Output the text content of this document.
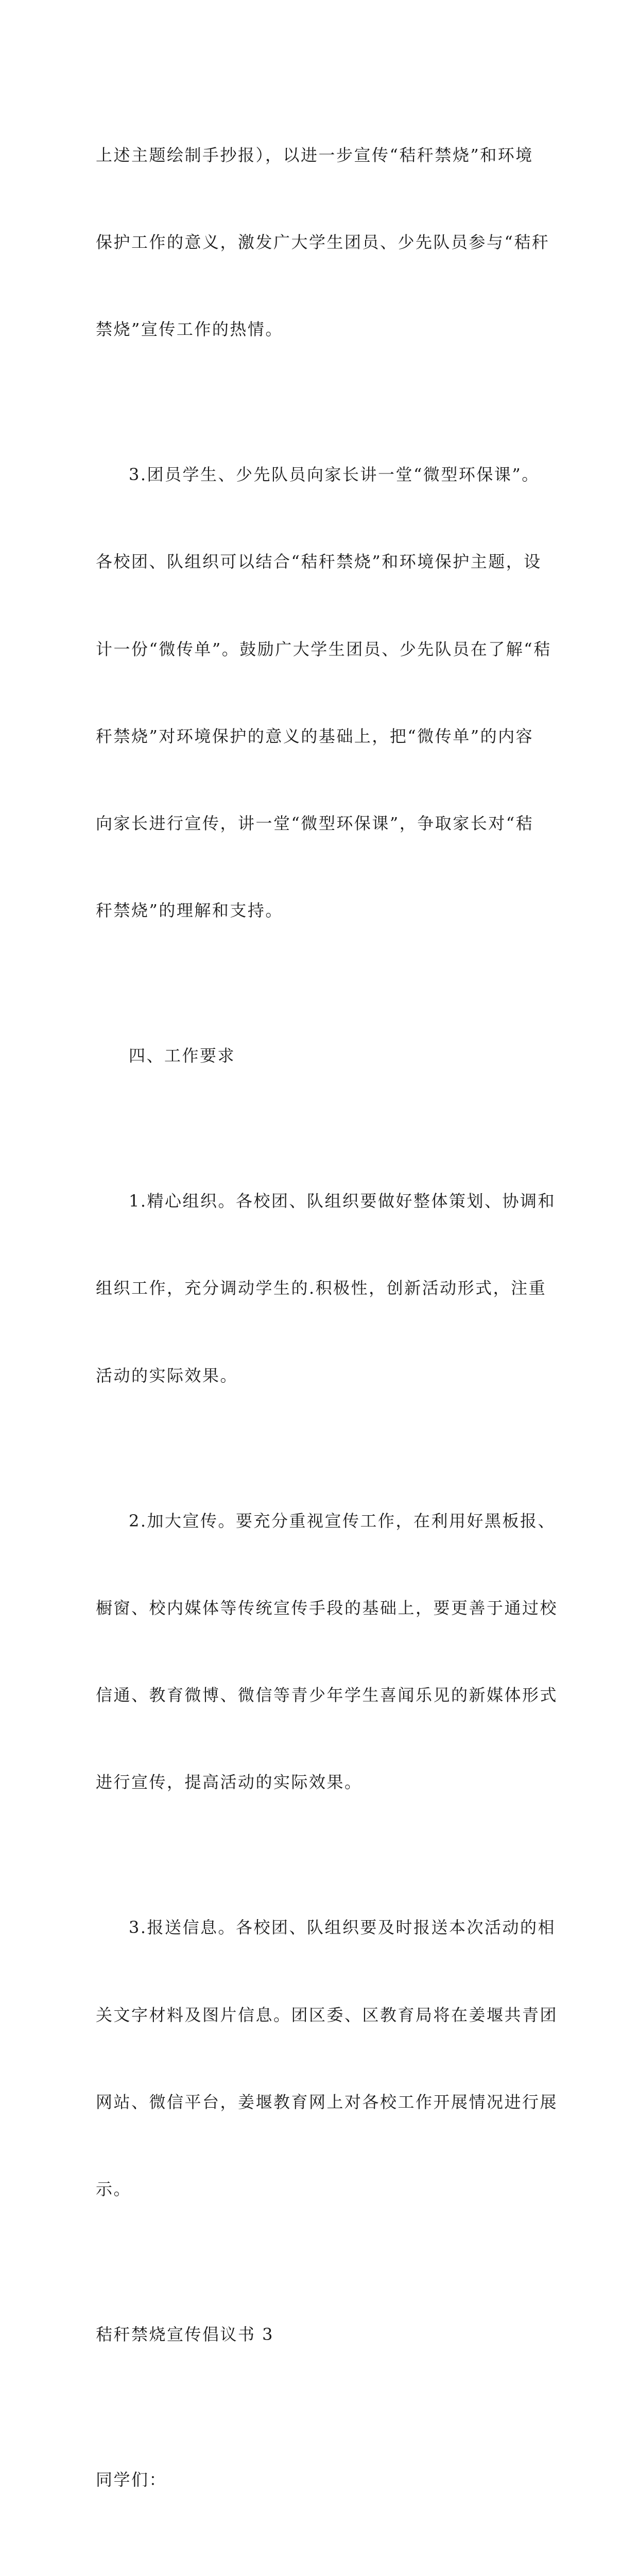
上述主题绘制手抄报），以进一步宣传“秸秆禁烧”和环境

保护工作的意义，激发广大学生团员、少先队员参与“秸秆

禁烧”宣传工作的热情。

3.团员学生、少先队员向家长讲一堂“微型环保课”。

各校团、队组织可以结合“秸秆禁烧”和环境保护主题，设

计一份“微传单”。鼓励广大学生团员、少先队员在了解“秸

秆禁烧”对环境保护的意义的基础上，把“微传单”的内容

向家长进行宣传，讲一堂“微型环保课”，争取家长对“秸

秆禁烧”的理解和支持。

四、工作要求

1.精心组织。各校团、队组织要做好整体策划、协调和

组织工作，充分调动学生的.积极性，创新活动形式，注重

活动的实际效果。

2.加大宣传。要充分重视宣传工作，在利用好黑板报、

橱窗、校内媒体等传统宣传手段的基础上，要更善于通过校

信通、教育微博、微信等青少年学生喜闻乐见的新媒体形式

进行宣传，提高活动的实际效果。

3.报送信息。各校团、队组织要及时报送本次活动的相

关文字材料及图片信息。团区委、区教育局将在姜堰共青团

网站、微信平台，姜堰教育网上对各校工作开展情况进行展

示。

秸秆禁烧宣传倡议书 3

同学们：
